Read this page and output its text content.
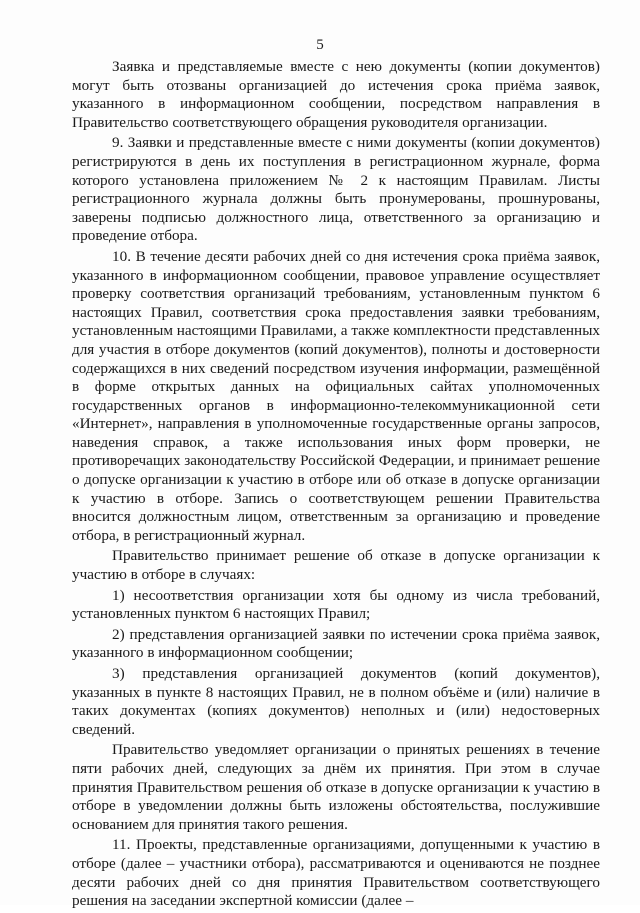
5

Заявка и представляемые вместе с нею документы (копии документов) могут быть отозваны организацией до истечения срока приёма заявок, указанного в информационном сообщении, посредством направления в Правительство соответствующего обращения руководителя организации.

9. Заявки и представленные вместе с ними документы (копии документов) регистрируются в день их поступления в регистрационном журнале, форма которого установлена приложением № 2 к настоящим Правилам. Листы регистрационного журнала должны быть пронумерованы, прошнурованы, заверены подписью должностного лица, ответственного за организацию и проведение отбора.

10. В течение десяти рабочих дней со дня истечения срока приёма заявок, указанного в информационном сообщении, правовое управление осуществляет проверку соответствия организаций требованиям, установленным пунктом 6 настоящих Правил, соответствия срока предоставления заявки требованиям, установленным настоящими Правилами, а также комплектности представленных для участия в отборе документов (копий документов), полноты и достоверности содержащихся в них сведений посредством изучения информации, размещённой в форме открытых данных на официальных сайтах уполномоченных государственных органов в информационно-телекоммуникационной сети «Интернет», направления в уполномоченные государственные органы запросов, наведения справок, а также использования иных форм проверки, не противоречащих законодательству Российской Федерации, и принимает решение о допуске организации к участию в отборе или об отказе в допуске организации к участию в отборе. Запись о соответствующем решении Правительства вносится должностным лицом, ответственным за организацию и проведение отбора, в регистрационный журнал.

Правительство принимает решение об отказе в допуске организации к участию в отборе в случаях:

1) несоответствия организации хотя бы одному из числа требований, установленных пунктом 6 настоящих Правил;

2) представления организацией заявки по истечении срока приёма заявок, указанного в информационном сообщении;

3) представления организацией документов (копий документов), указанных в пункте 8 настоящих Правил, не в полном объёме и (или) наличие в таких документах (копиях документов) неполных и (или) недостоверных сведений.

Правительство уведомляет организации о принятых решениях в течение пяти рабочих дней, следующих за днём их принятия. При этом в случае принятия Правительством решения об отказе в допуске организации к участию в отборе в уведомлении должны быть изложены обстоятельства, послужившие основанием для принятия такого решения.

11. Проекты, представленные организациями, допущенными к участию в отборе (далее – участники отбора), рассматриваются и оцениваются не позднее десяти рабочих дней со дня принятия Правительством соответствующего решения на заседании экспертной комиссии (далее –
